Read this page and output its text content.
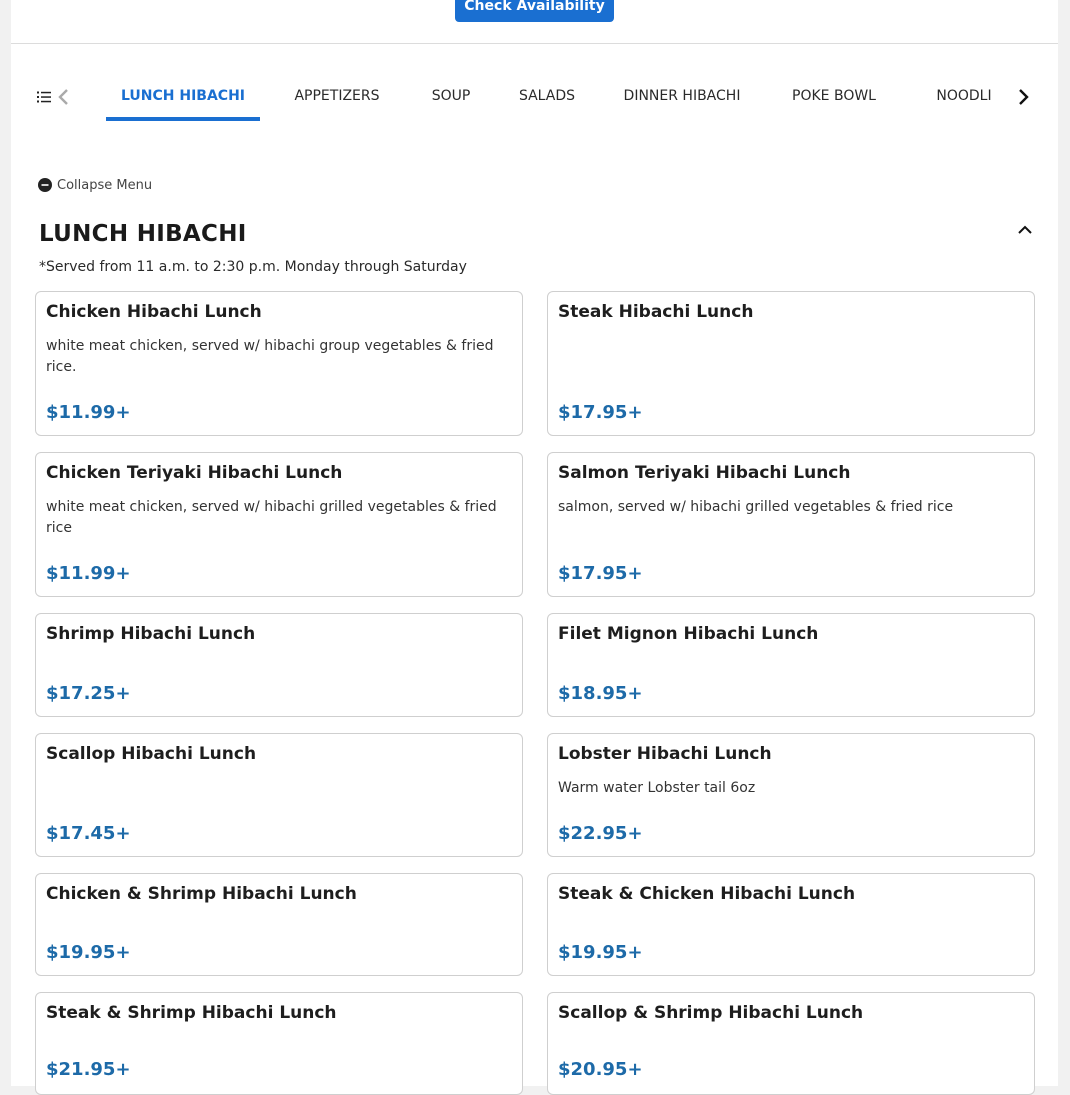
Check Availability
LUNCH HIBACHI	APPETIZERS	SOUP	SALADS	DINNER HIBACHI	POKE BOWL	NOODLI
Collapse Menu
LUNCH HIBACHI
*Served from 11 a.m. to 2:30 p.m. Monday through Saturday
Chicken Hibachi Lunch
white meat chicken, served w/ hibachi group vegetables & fried rice.
$11.99+
Steak Hibachi Lunch
$17.95+
Chicken Teriyaki Hibachi Lunch
white meat chicken, served w/ hibachi grilled vegetables & fried rice
$11.99+
Salmon Teriyaki Hibachi Lunch
salmon, served w/ hibachi grilled vegetables & fried rice
$17.95+
Shrimp Hibachi Lunch
$17.25+
Filet Mignon Hibachi Lunch
$18.95+
Scallop Hibachi Lunch
$17.45+
Lobster Hibachi Lunch
Warm water Lobster tail 6oz
$22.95+
Chicken & Shrimp Hibachi Lunch
$19.95+
Steak & Chicken Hibachi Lunch
$19.95+
Steak & Shrimp Hibachi Lunch
$21.95+
Scallop & Shrimp Hibachi Lunch
$20.95+
